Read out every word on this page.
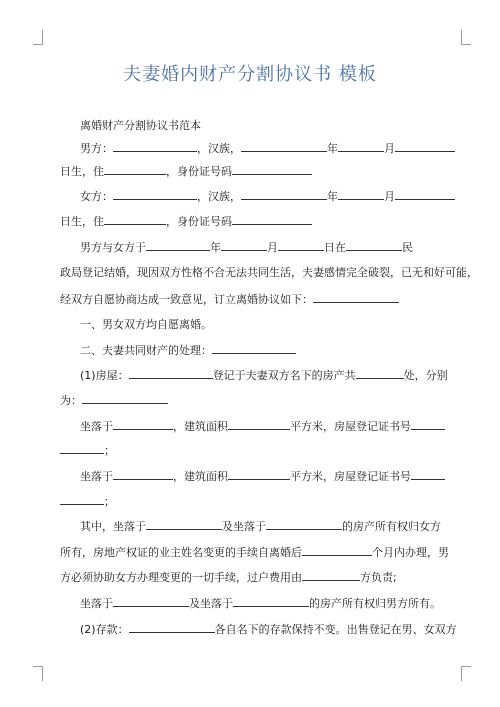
夫妻婚内财产分割协议书 模板
离婚财产分割协议书范本
男方：	，汉族，	年	月
日生，住	，身份证号码
女方：	，汉族，	年	月
日生，住	，身份证号码
男方与女方于	年	月	日在	民
政局登记结婚，现因双方性格不合无法共同生活，夫妻感情完全破裂，已无和好可能，
经双方自愿协商达成一致意见，订立离婚协议如下：
一、男女双方均自愿离婚。
二、夫妻共同财产的处理：
(1)房屋：	登记于夫妻双方名下的房产共	处，分别
为：
坐落于	，建筑面积	平方米，房屋登记证书号
；
坐落于	，建筑面积	平方米，房屋登记证书号
；
其中，坐落于	及坐落于	的房产所有权归女方
所有，房地产权证的业主姓名变更的手续自离婚后	个月内办理，男
方必须协助女方办理变更的一切手续，过户费用由	方负责;
坐落于	及坐落于	的房产所有权归男方所有。
(2)存款：	各自名下的存款保持不变。出售登记在男、女双方
